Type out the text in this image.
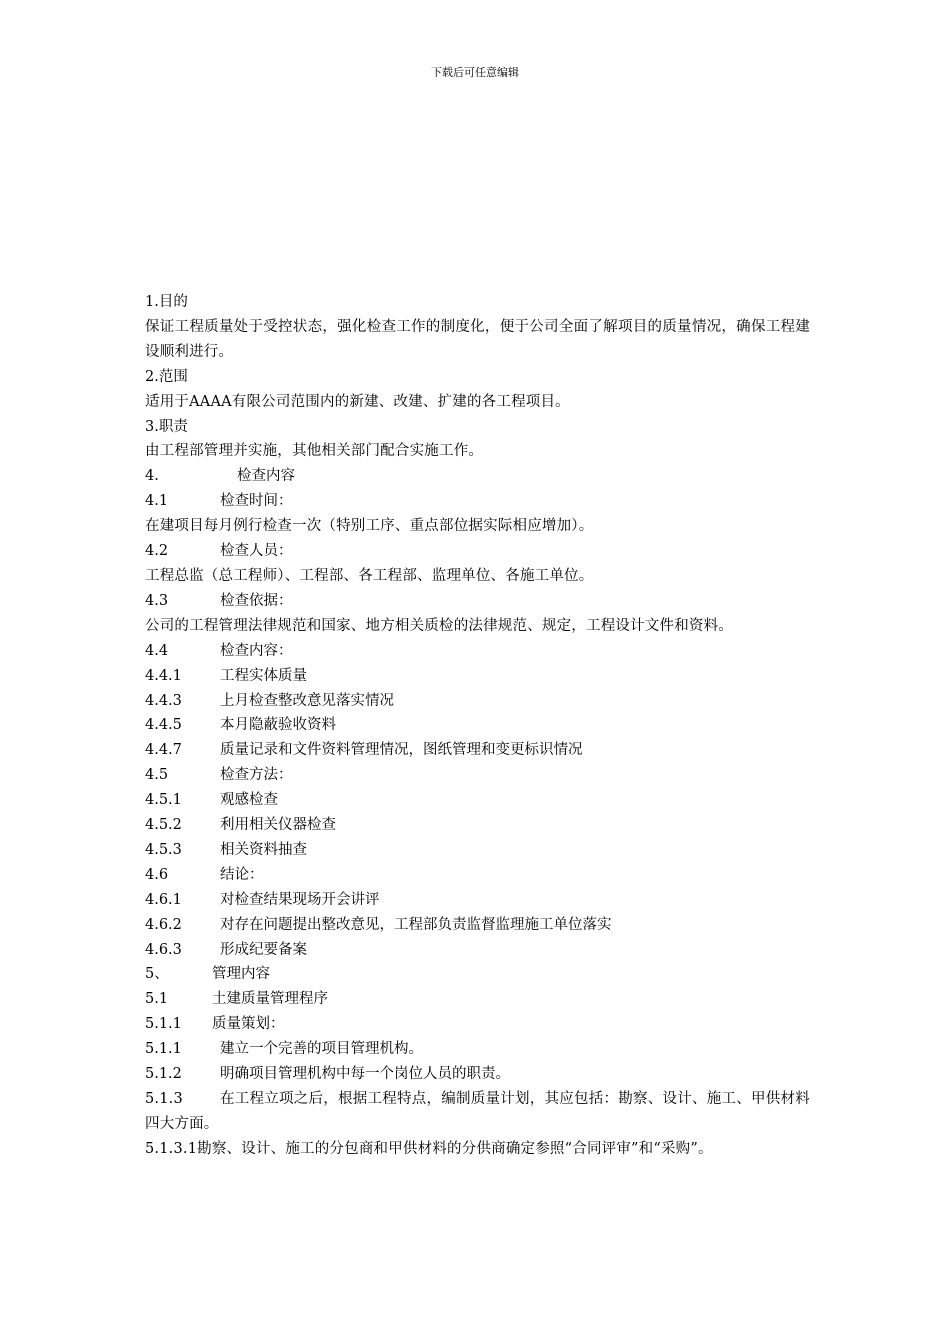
下载后可任意编辑
1.目的
保证工程质量处于受控状态，强化检查工作的制度化，便于公司全面了解项目的质量情况，确保工程建设顺利进行。
2.范围
适用于AAAA有限公司范围内的新建、改建、扩建的各工程项目。
3.职责
由工程部管理并实施，其他相关部门配合实施工作。
4.	检查内容
4.1	检查时间：
在建项目每月例行检查一次（特别工序、重点部位据实际相应增加）。
4.2	检查人员：
工程总监（总工程师）、工程部、各工程部、监理单位、各施工单位。
4.3	检查依据：
公司的工程管理法律规范和国家、地方相关质检的法律规范、规定，工程设计文件和资料。
4.4	检查内容：
4.4.1	工程实体质量
4.4.3	上月检查整改意见落实情况
4.4.5	本月隐蔽验收资料
4.4.7	质量记录和文件资料管理情况，图纸管理和变更标识情况
4.5	检查方法：
4.5.1	观感检查
4.5.2	利用相关仪器检查
4.5.3	相关资料抽查
4.6	结论：
4.6.1	对检查结果现场开会讲评
4.6.2	对存在问题提出整改意见，工程部负责监督监理施工单位落实
4.6.3	形成纪要备案
5、	管理内容
5.1	土建质量管理程序
5.1.1 质量策划：
5.1.1	建立一个完善的项目管理机构。
5.1.2	明确项目管理机构中每一个岗位人员的职责。
5.1.3	在工程立项之后，根据工程特点，编制质量计划，其应包括：勘察、设计、施工、甲供材料四大方面。
5.1.3.1勘察、设计、施工的分包商和甲供材料的分供商确定参照“合同评审”和“采购”。
